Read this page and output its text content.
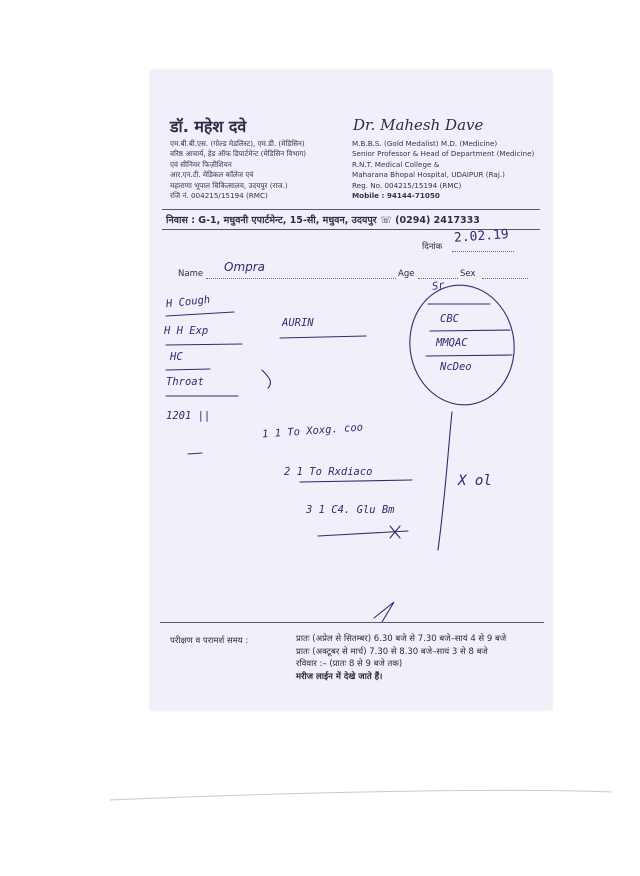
डॉ. महेश दवे	Dr. Mahesh Dave
एम.बी.बी.एस. (गोल्ड मेडलिस्ट), एम.डी. (मेडिसिन)
वरिष्ठ आचार्य, हेड ऑफ डिपार्टमेन्ट (मेडिसिन विभाग)
एवं सीनियर फिज़ीशियन
आर.एन.टी. मेडिकल कॉलेज एवं
महाराणा भूपाल चिकित्सालय, उदयपुर (राज.)
रजि नं. 004215/15194 (RMC)
M.B.B.S. (Gold Medalist) M.D. (Medicine)
Senior Professor & Head of Department (Medicine)
R.N.T. Medical College &
Maharana Bhopal Hospital, UDAIPUR (Raj.)
Reg. No. 004215/15194 (RMC)
Mobile : 94144-71050
निवास : G-1, मधुवनी एपार्टमेन्ट, 15-सी, मधुवन, उदयपुर ☏ (0294) 2417333
दिनांक
2.02.19
Name Ompra	Age	Sex
H Cough
H H Exp
HC
Throat
1201 ||
AURIN
Sr
CBC
MMQAC
NcDeo
1 1 To Xoxg. coo
2 1 To Rxdiaco
3 1 C4. Glu Bm
X ol
परीक्षण व परामर्श समय :	प्रातः (अप्रेल से सितम्बर) 6.30 बजे से 7.30 बजे–सायं 4 से 9 बजे
प्रातः (अक्टूबर से मार्च) 7.30 से 8.30 बजे–सायं 3 से 8 बजे
रविवार :– (प्रातः 8 से 9 बजे तक)
मरीज लाईन में देखे जाते हैं।
